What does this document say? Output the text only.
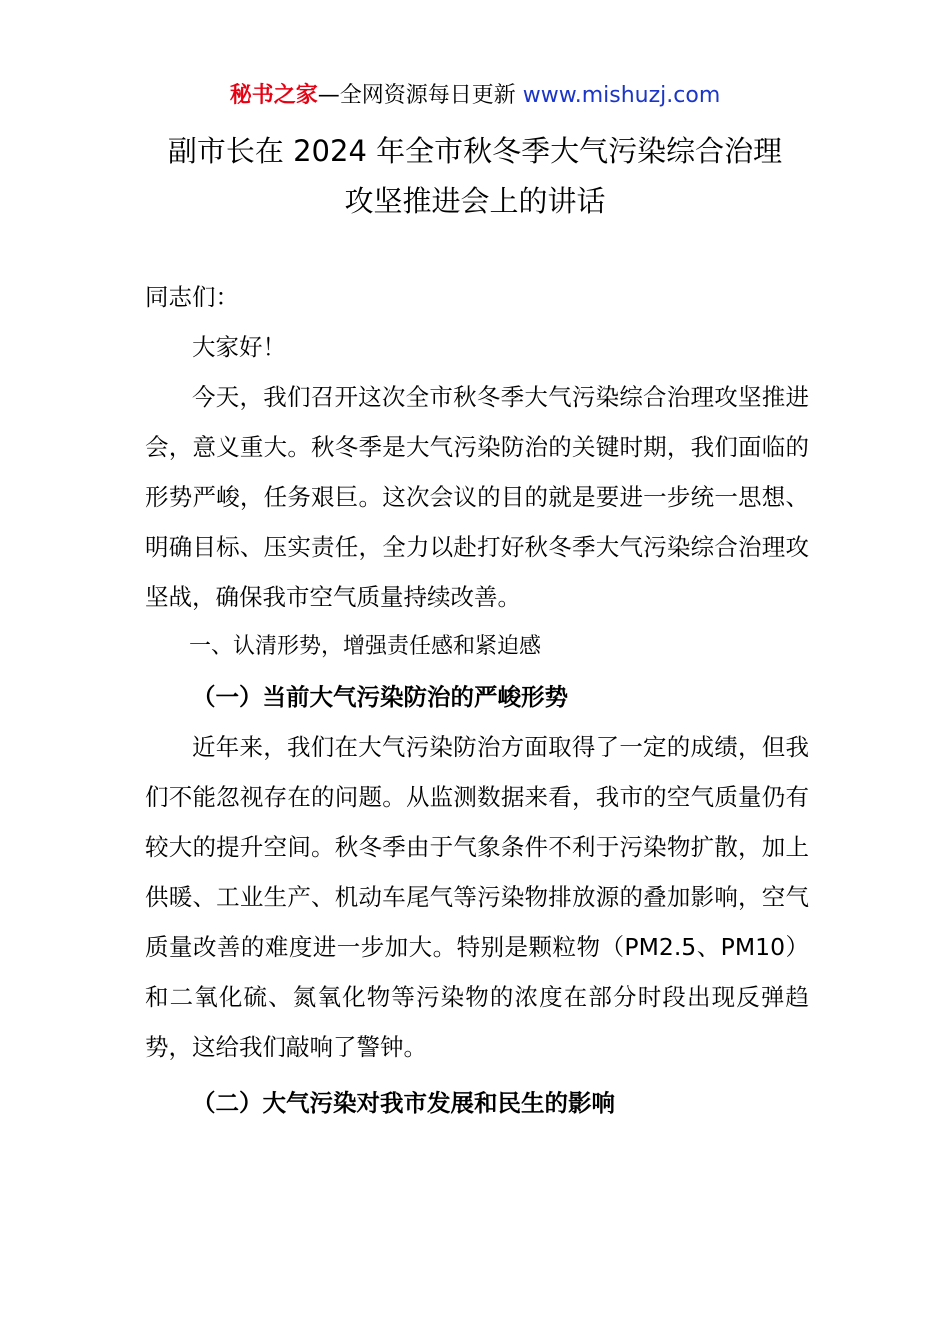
秘书之家—全网资源每日更新 www.mishuzj.com
副市长在 2024 年全市秋冬季大气污染综合治理
攻坚推进会上的讲话

同志们：

大家好！

今天，我们召开这次全市秋冬季大气污染综合治理攻坚推进会，意义重大。秋冬季是大气污染防治的关键时期，我们面临的形势严峻，任务艰巨。这次会议的目的就是要进一步统一思想、明确目标、压实责任，全力以赴打好秋冬季大气污染综合治理攻坚战，确保我市空气质量持续改善。

一、认清形势，增强责任感和紧迫感

（一）当前大气污染防治的严峻形势

近年来，我们在大气污染防治方面取得了一定的成绩，但我们不能忽视存在的问题。从监测数据来看，我市的空气质量仍有较大的提升空间。秋冬季由于气象条件不利于污染物扩散，加上供暖、工业生产、机动车尾气等污染物排放源的叠加影响，空气质量改善的难度进一步加大。特别是颗粒物（PM2.5、PM10）和二氧化硫、氮氧化物等污染物的浓度在部分时段出现反弹趋势，这给我们敲响了警钟。

（二）大气污染对我市发展和民生的影响
